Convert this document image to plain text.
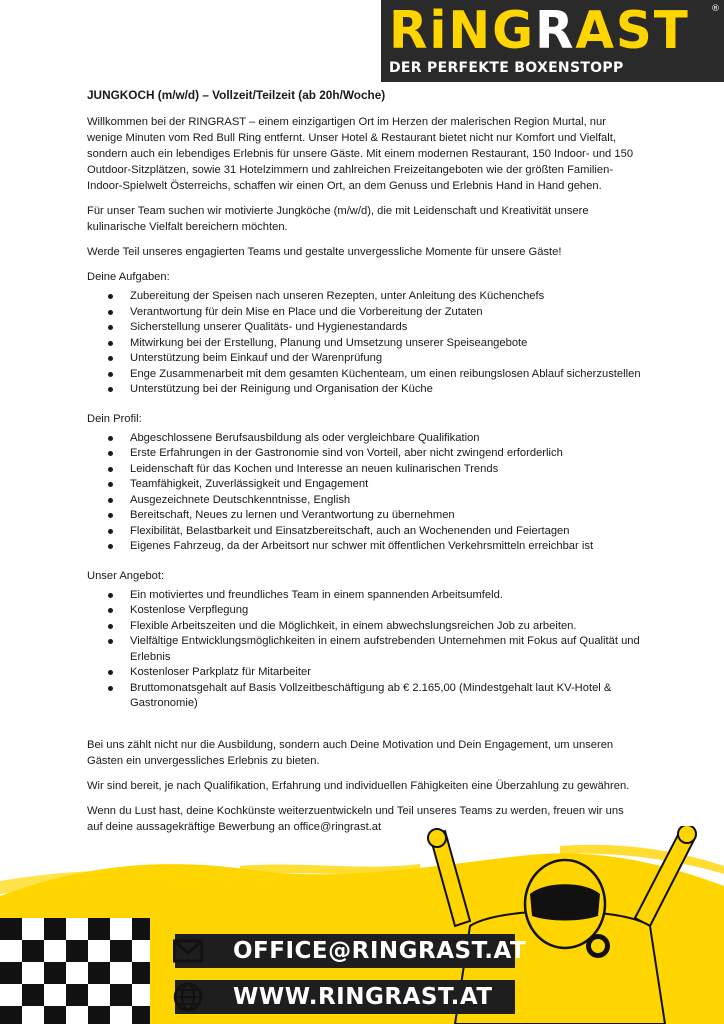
RiNGRAST	®
DER PERFEKTE BOXENSTOPP
JUNGKOCH (m/w/d) – Vollzeit/Teilzeit (ab 20h/Woche)

Willkommen bei der RINGRAST – einem einzigartigen Ort im Herzen der malerischen Region Murtal, nur wenige Minuten vom Red Bull Ring entfernt. Unser Hotel & Restaurant bietet nicht nur Komfort und Vielfalt, sondern auch ein lebendiges Erlebnis für unsere Gäste. Mit einem modernen Restaurant, 150 Indoor- und 150 Outdoor-Sitzplätzen, sowie 31 Hotelzimmern und zahlreichen Freizeitangeboten wie der größten Familien-Indoor-Spielwelt Österreichs, schaffen wir einen Ort, an dem Genuss und Erlebnis Hand in Hand gehen.

Für unser Team suchen wir motivierte Jungköche (m/w/d), die mit Leidenschaft und Kreativität unsere kulinarische Vielfalt bereichern möchten.

Werde Teil unseres engagierten Teams und gestalte unvergessliche Momente für unsere Gäste!

Deine Aufgaben:
Zubereitung der Speisen nach unseren Rezepten, unter Anleitung des Küchenchefs
Verantwortung für dein Mise en Place und die Vorbereitung der Zutaten
Sicherstellung unserer Qualitäts- und Hygienestandards
Mitwirkung bei der Erstellung, Planung und Umsetzung unserer Speiseangebote
Unterstützung beim Einkauf und der Warenprüfung
Enge Zusammenarbeit mit dem gesamten Küchenteam, um einen reibungslosen Ablauf sicherzustellen
Unterstützung bei der Reinigung und Organisation der Küche
Dein Profil:
Abgeschlossene Berufsausbildung als oder vergleichbare Qualifikation
Erste Erfahrungen in der Gastronomie sind von Vorteil, aber nicht zwingend erforderlich
Leidenschaft für das Kochen und Interesse an neuen kulinarischen Trends
Teamfähigkeit, Zuverlässigkeit und Engagement
Ausgezeichnete Deutschkenntnisse, English
Bereitschaft, Neues zu lernen und Verantwortung zu übernehmen
Flexibilität, Belastbarkeit und Einsatzbereitschaft, auch an Wochenenden und Feiertagen
Eigenes Fahrzeug, da der Arbeitsort nur schwer mit öffentlichen Verkehrsmitteln erreichbar ist
Unser Angebot:
Ein motiviertes und freundliches Team in einem spannenden Arbeitsumfeld.
Kostenlose Verpflegung
Flexible Arbeitszeiten und die Möglichkeit, in einem abwechslungsreichen Job zu arbeiten.
Vielfältige Entwicklungsmöglichkeiten in einem aufstrebenden Unternehmen mit Fokus auf Qualität und Erlebnis
Kostenloser Parkplatz für Mitarbeiter
Bruttomonatsgehalt auf Basis Vollzeitbeschäftigung ab € 2.165,00 (Mindestgehalt laut KV-Hotel & Gastronomie)

Bei uns zählt nicht nur die Ausbildung, sondern auch Deine Motivation und Dein Engagement, um unseren Gästen ein unvergessliches Erlebnis zu bieten.

Wir sind bereit, je nach Qualifikation, Erfahrung und individuellen Fähigkeiten eine Überzahlung zu gewähren.

Wenn du Lust hast, deine Kochkünste weiterzuentwickeln und Teil unseres Teams zu werden, freuen wir uns auf deine aussagekräftige Bewerbung an office@ringrast.at

OFFICE@RINGRAST.AT
WWW.RINGRAST.AT
